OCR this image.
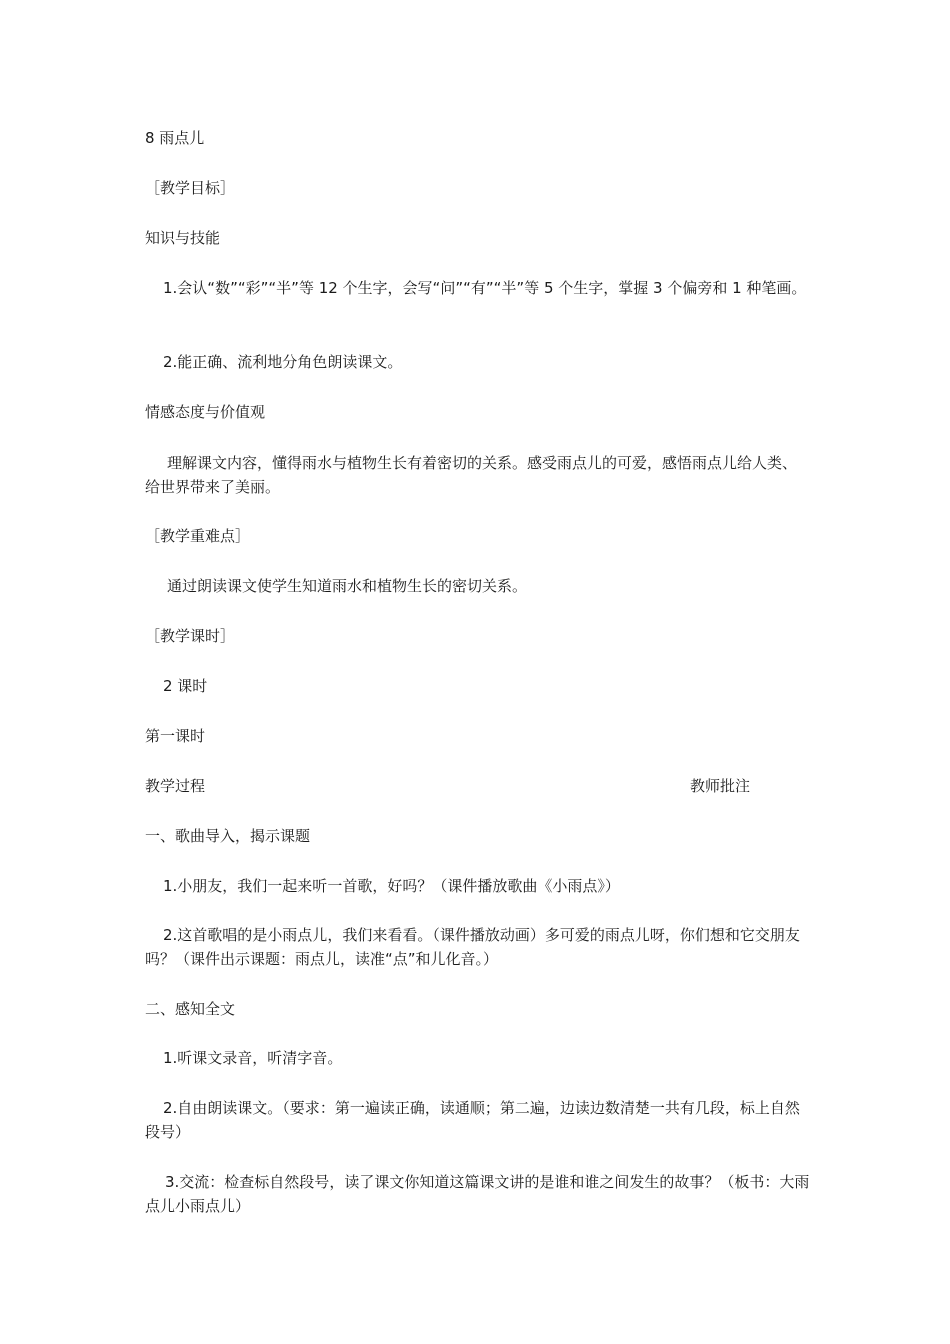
8 雨点儿

［教学目标］

知识与技能

1.会认“数”“彩”“半”等 12 个生字，会写“问”“有”“半”等 5 个生字，掌握 3 个偏旁和 1 种笔画。

2.能正确、流利地分角色朗读课文。

情感态度与价值观

理解课文内容，懂得雨水与植物生长有着密切的关系。感受雨点儿的可爱，感悟雨点儿给人类、给世界带来了美丽。

［教学重难点］

通过朗读课文使学生知道雨水和植物生长的密切关系。

［教学课时］

2 课时

第一课时

教学过程	教师批注

一、歌曲导入，揭示课题

1.小朋友，我们一起来听一首歌，好吗？（课件播放歌曲《小雨点》）

2.这首歌唱的是小雨点儿，我们来看看。（课件播放动画）多可爱的雨点儿呀，你们想和它交朋友吗？（课件出示课题：雨点儿，读准“点”和儿化音。）

二、感知全文

1.听课文录音，听清字音。

2.自由朗读课文。（要求：第一遍读正确，读通顺；第二遍，边读边数清楚一共有几段，标上自然段号）

3.交流：检查标自然段号，读了课文你知道这篇课文讲的是谁和谁之间发生的故事？（板书：大雨点儿小雨点儿）
